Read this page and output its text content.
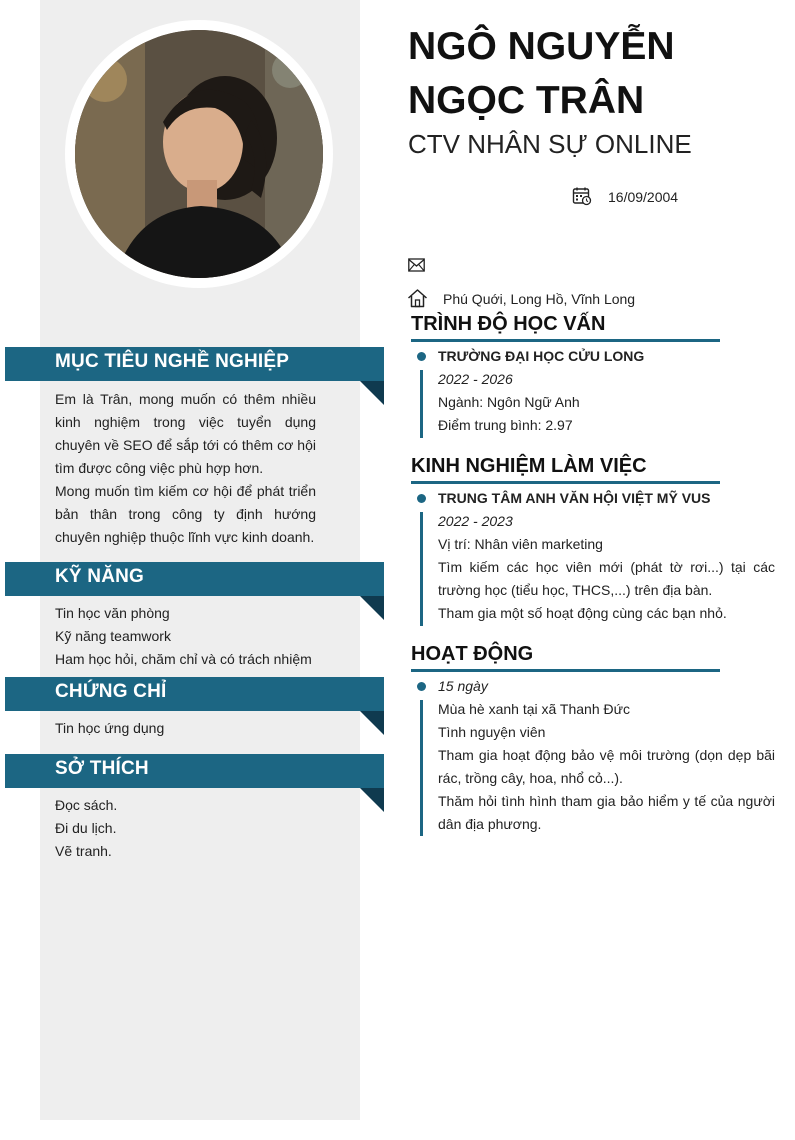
NGÔ NGUYỄN
NGỌC TRÂN
CTV NHÂN SỰ ONLINE
16/09/2004
Phú Quới, Long Hồ, Vĩnh Long
MỤC TIÊU NGHỀ NGHIỆP

Em là Trân, mong muốn có thêm nhiều kinh nghiệm trong việc tuyển dụng chuyên về SEO để sắp tới có thêm cơ hội tìm được công việc phù hợp hơn.

Mong muốn tìm kiếm cơ hội để phát triển bản thân trong công ty định hướng chuyên nghiệp thuộc lĩnh vực kinh doanh.

KỸ NĂNG
Tin học văn phòng
Kỹ năng teamwork
Ham học hỏi, chăm chỉ và có trách nhiệm
CHỨNG CHỈ
Tin học ứng dụng
SỞ THÍCH
Đọc sách.
Đi du lịch.
Vẽ tranh.
TRÌNH ĐỘ HỌC VẤN
TRƯỜNG ĐẠI HỌC CỬU LONG
2022 - 2026
Ngành: Ngôn Ngữ Anh
Điểm trung bình: 2.97
KINH NGHIỆM LÀM VIỆC
TRUNG TÂM ANH VĂN HỘI VIỆT MỸ VUS
2022 - 2023
Vị trí: Nhân viên marketing
Tìm kiếm các học viên mới (phát tờ rơi...) tại các trường học (tiểu học, THCS,...) trên địa bàn.
Tham gia một số hoạt động cùng các bạn nhỏ.
HOẠT ĐỘNG
15 ngày
Mùa hè xanh tại xã Thanh Đức
Tình nguyện viên
Tham gia hoạt động bảo vệ môi trường (dọn dẹp bãi rác, trồng cây, hoa, nhổ cỏ...).
Thăm hỏi tình hình tham gia bảo hiểm y tế của người dân địa phương.
